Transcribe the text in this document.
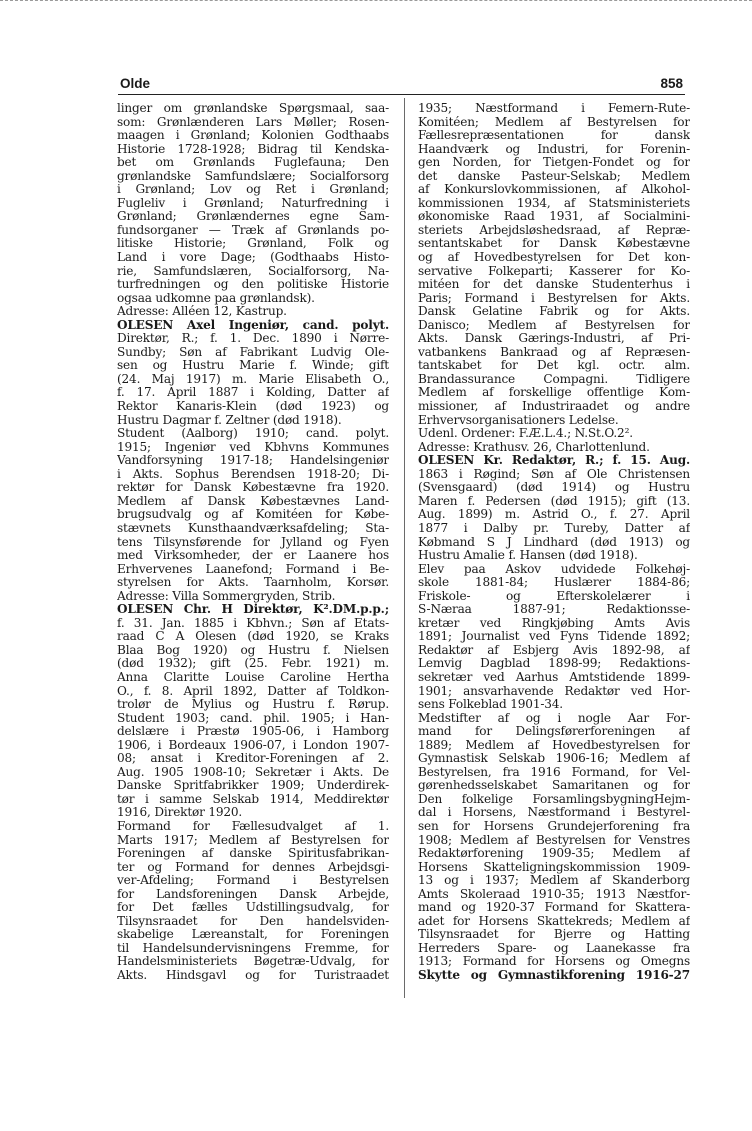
Olde	858
linger om grønlandske Spørgsmaal, saa-
som: Grønlænderen Lars Møller; Rosen-
maagen i Grønland; Kolonien Godthaabs
Historie 1728-1928; Bidrag til Kendska-
bet om Grønlands Fuglefauna; Den
grønlandske Samfundslære; Socialforsorg
i Grønland; Lov og Ret i Grønland;
Fugleliv i Grønland; Naturfredning i
Grønland; Grønlændernes egne Sam-
fundsorganer — Træk af Grønlands po-
litiske Historie; Grønland, Folk og
Land i vore Dage; (Godthaabs Histo-
rie, Samfundslæren, Socialforsorg, Na-
turfredningen og den politiske Historie
ogsaa udkomne paa grønlandsk).
Adresse: Alléen 12, Kastrup.
OLESEN Axel Ingeniør, cand. polyt.
Direktør, R.; f. 1. Dec. 1890 i Nørre-
Sundby; Søn af Fabrikant Ludvig Ole-
sen og Hustru Marie f. Winde; gift
(24. Maj 1917) m. Marie Elisabeth O.,
f. 17. April 1887 i Kolding, Datter af
Rektor Kanaris-Klein (død 1923) og
Hustru Dagmar f. Zeltner (død 1918).
Student (Aalborg) 1910; cand. polyt.
1915; Ingeniør ved Kbhvns Kommunes
Vandforsyning 1917-18; Handelsingeniør
i Akts. Sophus Berendsen 1918-20; Di-
rektør for Dansk Købestævne fra 1920.
Medlem af Dansk Købestævnes Land-
brugsudvalg og af Komitéen for Købe-
stævnets Kunsthaandværksafdeling; Sta-
tens Tilsynsførende for Jylland og Fyen
med Virksomheder, der er Laanere hos
Erhvervenes Laanefond; Formand i Be-
styrelsen for Akts. Taarnholm, Korsør.
Adresse: Villa Sommergryden, Strib.
OLESEN Chr. H Direktør, K².DM.p.p.;
f. 31. Jan. 1885 i Kbhvn.; Søn af Etats-
raad C A Olesen (død 1920, se Kraks
Blaa Bog 1920) og Hustru f. Nielsen
(død 1932); gift (25. Febr. 1921) m.
Anna Claritte Louise Caroline Hertha
O., f. 8. April 1892, Datter af Toldkon-
trolør de Mylius og Hustru f. Rørup.
Student 1903; cand. phil. 1905; i Han-
delslære i Præstø 1905-06, i Hamborg
1906, i Bordeaux 1906-07, i London 1907-
08; ansat i Kreditor-Foreningen af 2.
Aug. 1905 1908-10; Sekretær i Akts. De
Danske Spritfabrikker 1909; Underdirek-
tør i samme Selskab 1914, Meddirektør
1916, Direktør 1920.
Formand for Fællesudvalget af 1.
Marts 1917; Medlem af Bestyrelsen for
Foreningen af danske Spiritusfabrikan-
ter og Formand for dennes Arbejdsgi-
ver-Afdeling; Formand i Bestyrelsen
for Landsforeningen Dansk Arbejde,
for Det fælles Udstillingsudvalg, for
Tilsynsraadet for Den handelsviden-
skabelige Læreanstalt, for Foreningen
til Handelsundervisningens Fremme, for
Handelsministeriets Bøgetræ-Udvalg, for
Akts. Hindsgavl og for Turistraadet
1935; Næstformand i Femern-Rute-
Komitéen; Medlem af Bestyrelsen for
Fællesrepræsentationen for dansk
Haandværk og Industri, for Forenin-
gen Norden, for Tietgen-Fondet og for
det danske Pasteur-Selskab; Medlem
af Konkurslovkommissionen, af Alkohol-
kommissionen 1934, af Statsministeriets
økonomiske Raad 1931, af Socialmini-
steriets Arbejdsløshedsraad, af Repræ-
sentantskabet for Dansk Købestævne
og af Hovedbestyrelsen for Det kon-
servative Folkeparti; Kasserer for Ko-
mitéen for det danske Studenterhus i
Paris; Formand i Bestyrelsen for Akts.
Dansk Gelatine Fabrik og for Akts.
Danisco; Medlem af Bestyrelsen for
Akts. Dansk Gærings-Industri, af Pri-
vatbankens Bankraad og af Repræsen-
tantskabet for Det kgl. octr. alm.
Brandassurance Compagni. Tidligere
Medlem af forskellige offentlige Kom-
missioner, af Industriraadet og andre
Erhvervsorganisationers Ledelse.
Udenl. Ordener: F.Æ.L.4.; N.St.O.2².
Adresse: Krathusv. 26, Charlottenlund.
OLESEN Kr. Redaktør, R.; f. 15. Aug.
1863 i Røgind; Søn af Ole Christensen
(Svensgaard) (død 1914) og Hustru
Maren f. Pedersen (død 1915); gift (13.
Aug. 1899) m. Astrid O., f. 27. April
1877 i Dalby pr. Tureby, Datter af
Købmand S J Lindhard (død 1913) og
Hustru Amalie f. Hansen (død 1918).
Elev paa Askov udvidede Folkehøj-
skole 1881-84; Huslærer 1884-86;
Friskole- og Efterskolelærer i
S-Næraa 1887-91; Redaktionsse-
kretær ved Ringkjøbing Amts Avis
1891; Journalist ved Fyns Tidende 1892;
Redaktør af Esbjerg Avis 1892-98, af
Lemvig Dagblad 1898-99; Redaktions-
sekretær ved Aarhus Amtstidende 1899-
1901; ansvarhavende Redaktør ved Hor-
sens Folkeblad 1901-34.
Medstifter af og i nogle Aar For-
mand for Delingsførerforeningen af
1889; Medlem af Hovedbestyrelsen for
Gymnastisk Selskab 1906-16; Medlem af
Bestyrelsen, fra 1916 Formand, for Vel-
gørenhedsselskabet Samaritanen og for
Den folkelige ForsamlingsbygningHejm-
dal i Horsens, Næstformand i Bestyrel-
sen for Horsens Grundejerforening fra
1908; Medlem af Bestyrelsen for Venstres
Redaktørforening 1909-35; Medlem af
Horsens Skatteligningskommission 1909-
13 og i 1937; Medlem af Skanderborg
Amts Skoleraad 1910-35; 1913 Næstfor-
mand og 1920-37 Formand for Skattera-
adet for Horsens Skattekreds; Medlem af
Tilsynsraadet for Bjerre og Hatting
Herreders Spare- og Laanekasse fra
1913; Formand for Horsens og Omegns
Skytte og Gymnastikforening 1916-27
